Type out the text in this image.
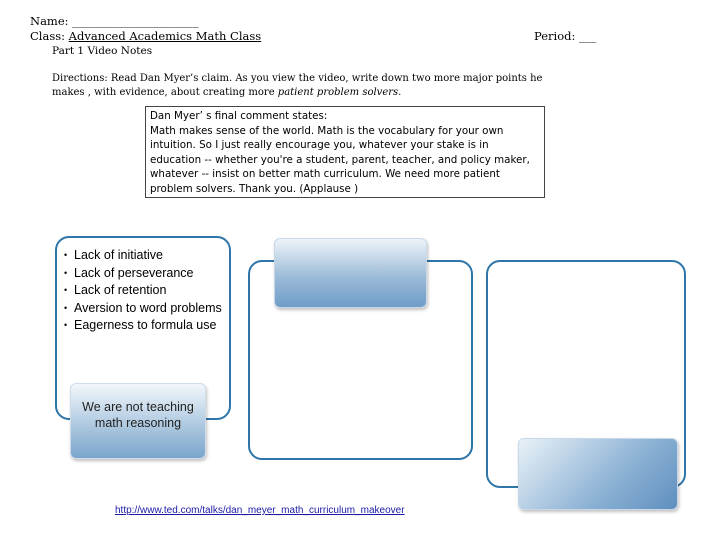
Name: ______________________
Class: Advanced Academics Math Class	Period: ___
Part 1 Video Notes
Directions: Read Dan Myer’s claim. As you view the video, write down two more major points he makes , with evidence, about creating more patient problem solvers.
Dan Myer’ s final comment states:
Math makes sense of the world. Math is the vocabulary for your own intuition. So I just really encourage you, whatever your stake is in education -- whether you're a student, parent, teacher, and policy maker, whatever -- insist on better math curriculum. We need more patient problem solvers. Thank you. (Applause )
• Lack of initiative
• Lack of perseverance
• Lack of retention
• Aversion to word problems
• Eagerness to formula use
We are not teaching math reasoning
http://www.ted.com/talks/dan_meyer_math_curriculum_makeover
